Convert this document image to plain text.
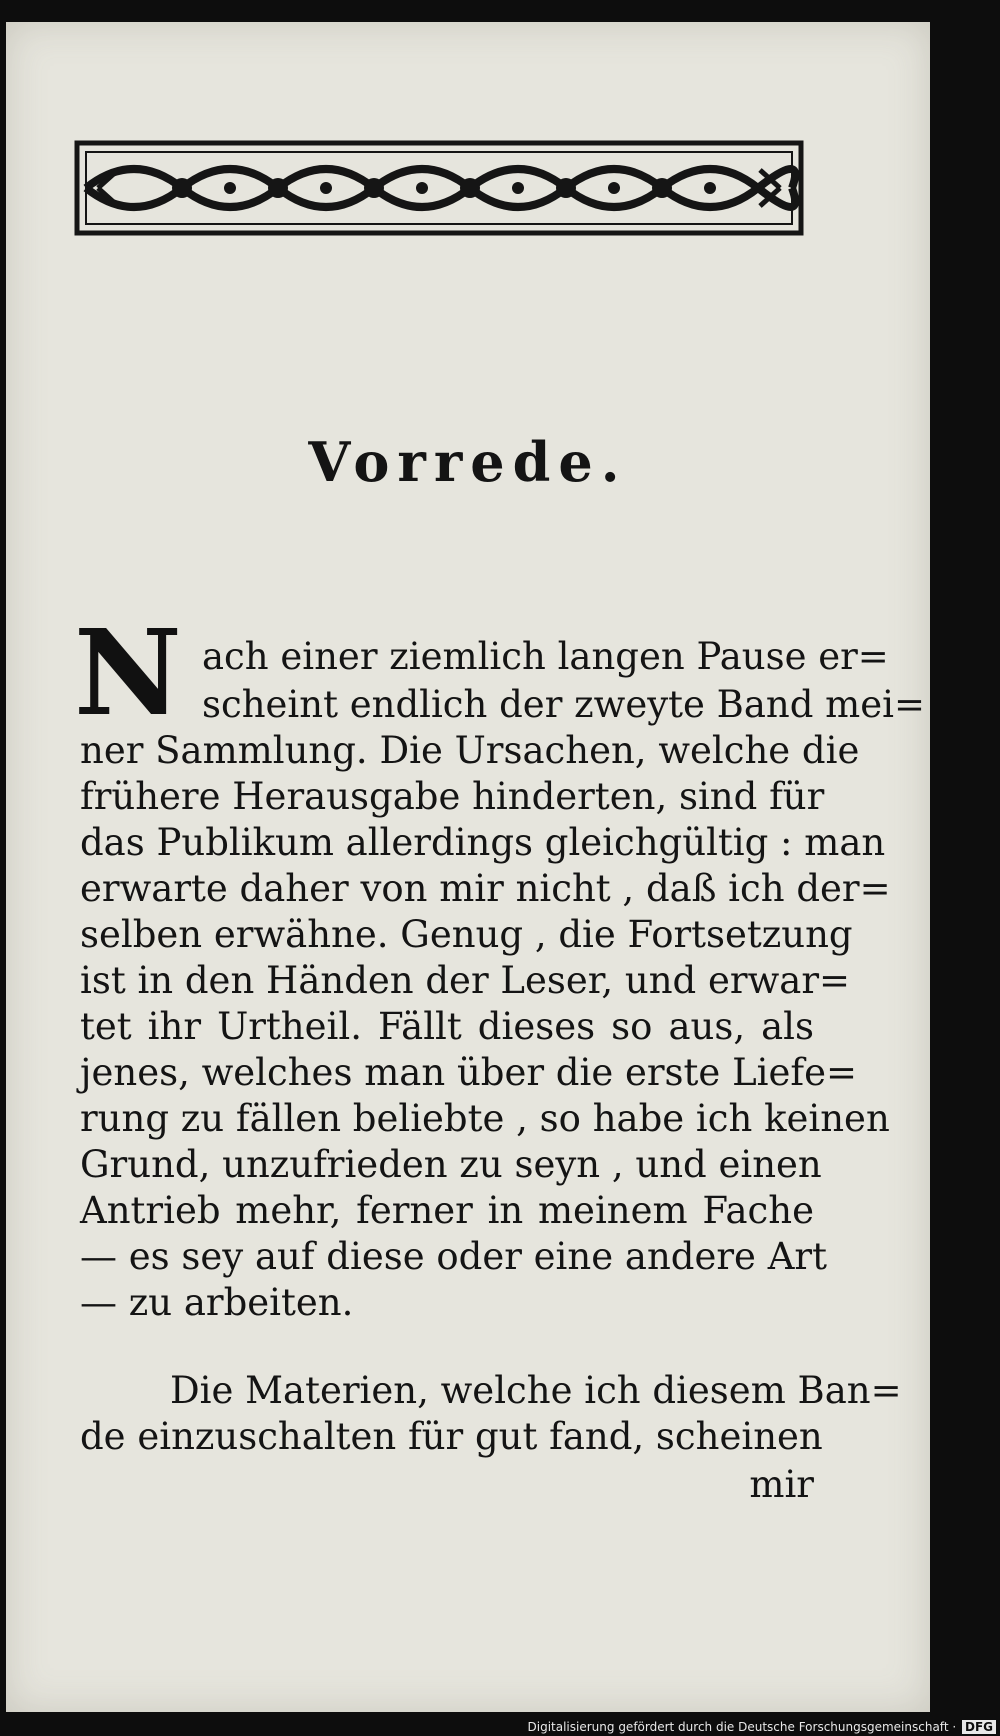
Vorrede.
N ach einer ziemlich langen Pause er=
scheint endlich der zweyte Band mei=
ner Sammlung. Die Ursachen, welche die
frühere Herausgabe hinderten, sind für
das Publikum allerdings gleichgültig : man
erwarte daher von mir nicht , daß ich der=
selben erwähne. Genug , die Fortsetzung
ist in den Händen der Leser, und erwar=
tet ihr Urtheil. Fällt dieses so aus, als
jenes, welches man über die erste Liefe=
rung zu fällen beliebte , so habe ich keinen
Grund, unzufrieden zu seyn , und einen
Antrieb mehr, ferner in meinem Fache
— es sey auf diese oder eine andere Art
— zu arbeiten.
Die Materien, welche ich diesem Ban=
de einzuschalten für gut fand, scheinen
mir
Digitalisierung gefördert durch die Deutsche Forschungsgemeinschaft · DFG
